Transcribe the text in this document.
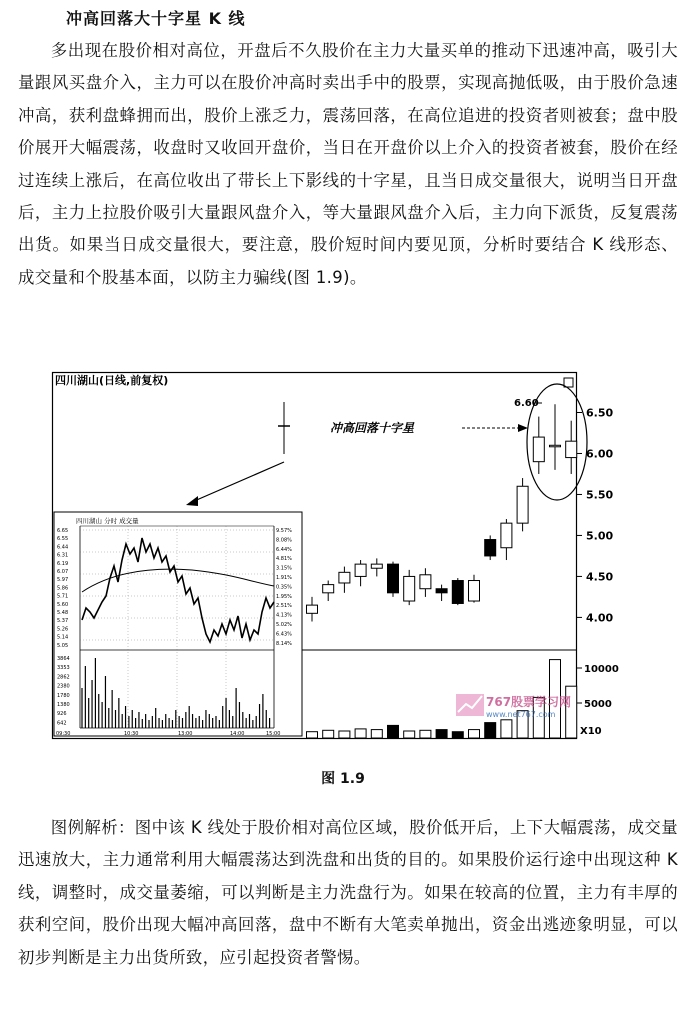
冲高回落大十字星 K 线
多出现在股价相对高位，开盘后不久股价在主力大量买单的推动下迅速冲高，吸引大量跟风买盘介入，主力可以在股价冲高时卖出手中的股票，实现高抛低吸，由于股价急速冲高，获利盘蜂拥而出，股价上涨乏力，震荡回落，在高位追进的投资者则被套；盘中股价展开大幅震荡，收盘时又收回开盘价，当日在开盘价以上介入的投资者被套，股价在经过连续上涨后，在高位收出了带长上下影线的十字星，且当日成交量很大，说明当日开盘后，主力上拉股价吸引大量跟风盘介入，等大量跟风盘介入后，主力向下派货，反复震荡出货。如果当日成交量很大，要注意，股价短时间内要见顶，分析时要结合 K 线形态、成交量和个股基本面，以防主力骗线(图 1.9)。
四川湖山(日线,前复权)
6.50
6.00
5.50
5.00
4.50
4.00
10000
5000
冲高回落十字星
6.60
四川湖山 分时 成交量
6.65
6.55
6.44
6.31
6.19
6.07
5.97
5.86
5.71
5.60
5.48
5.37
5.26
5.14
5.05
9.57%
8.08%
6.44%
4.81%
3.15%
1.91%
0.35%
1.95%
2.51%
4.13%
5.02%
6.43%
8.14%
3864
3353
2862
2380
1780
1380
926
642
09:30	10:30	13:00	14:00	15:00
767股票学习网
www.net767.com
X10
图 1.9
图例解析：图中该 K 线处于股价相对高位区域，股价低开后，上下大幅震荡，成交量迅速放大，主力通常利用大幅震荡达到洗盘和出货的目的。如果股价运行途中出现这种 K 线，调整时，成交量萎缩，可以判断是主力洗盘行为。如果在较高的位置，主力有丰厚的获利空间，股价出现大幅冲高回落，盘中不断有大笔卖单抛出，资金出逃迹象明显，可以初步判断是主力出货所致，应引起投资者警惕。
